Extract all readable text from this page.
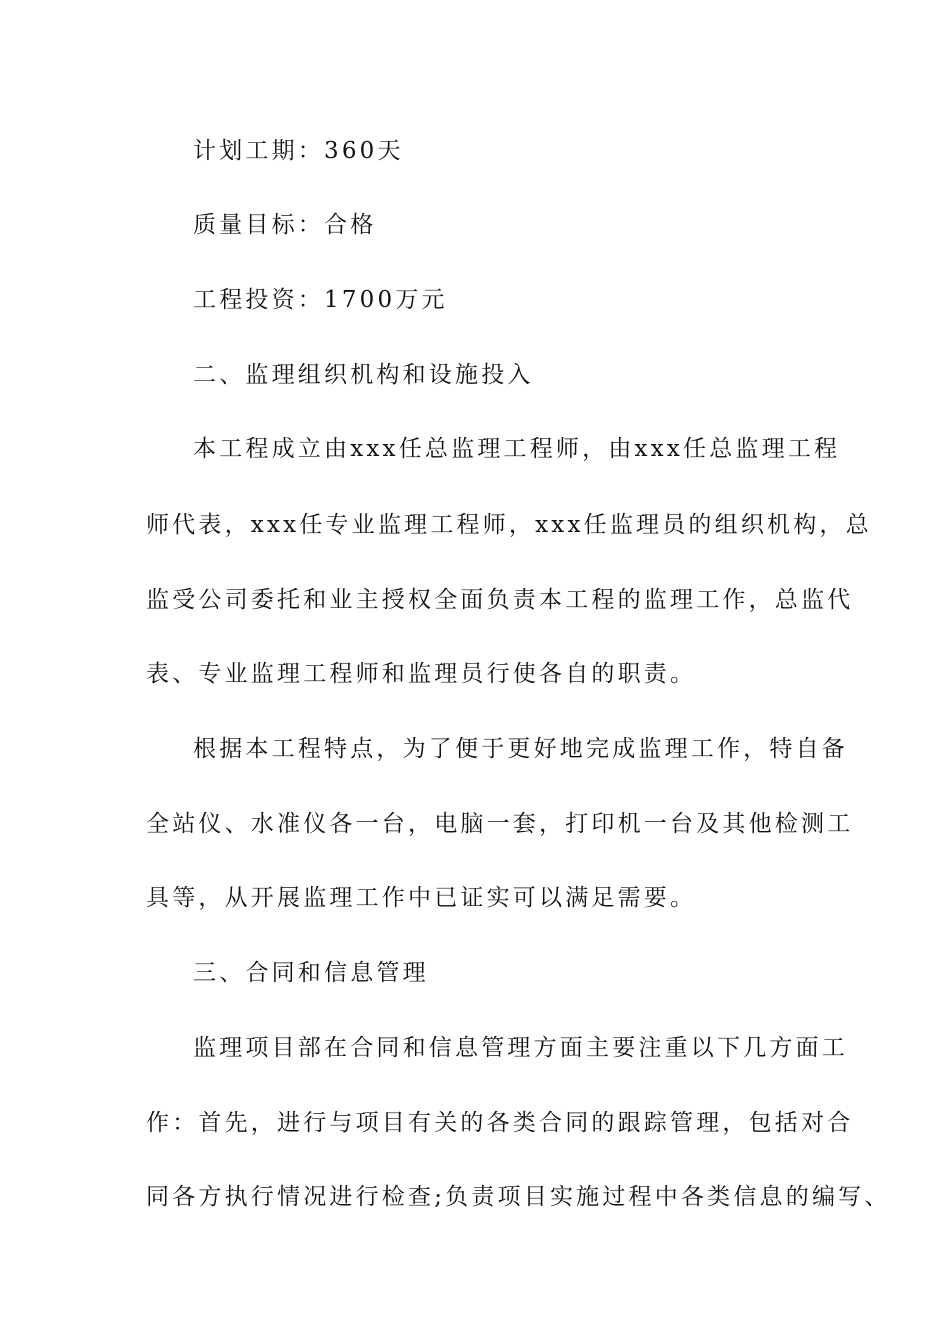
计划工期：360天
质量目标：合格
工程投资：1700万元
二、监理组织机构和设施投入
本工程成立由xxx任总监理工程师，由xxx任总监理工程
师代表，xxx任专业监理工程师，xxx任监理员的组织机构，总
监受公司委托和业主授权全面负责本工程的监理工作，总监代
表、专业监理工程师和监理员行使各自的职责。
根据本工程特点，为了便于更好地完成监理工作，特自备
全站仪、水准仪各一台，电脑一套，打印机一台及其他检测工
具等，从开展监理工作中已证实可以满足需要。
三、合同和信息管理
监理项目部在合同和信息管理方面主要注重以下几方面工
作：首先，进行与项目有关的各类合同的跟踪管理，包括对合
同各方执行情况进行检查;负责项目实施过程中各类信息的编写、
